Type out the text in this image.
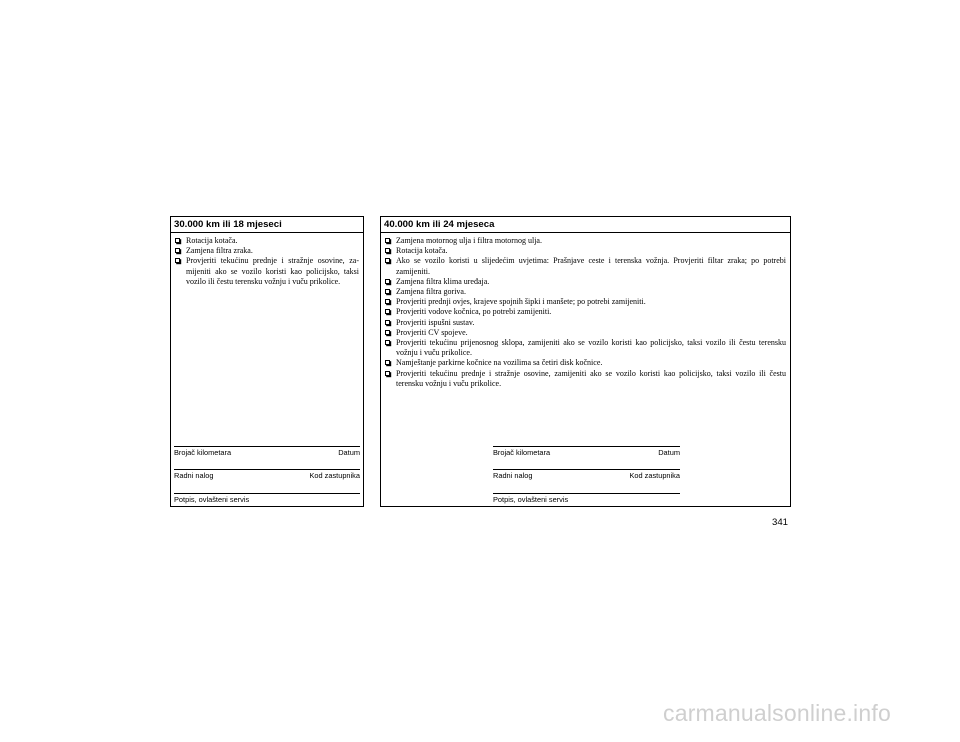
30.000 km ili 18 mjeseci
Rotacija kotača.
Zamjena filtra zraka.
Provjeriti tekućinu prednje i stražnje osovine, za-mijeniti ako se vozilo koristi kao policijsko, taksi vozilo ili čestu terensku vožnju i vuču prikolice.
Brojač kilometara	Datum
Radni nalog	Kod zastupnika
Potpis, ovlašteni servis
40.000 km ili 24 mjeseca
Zamjena motornog ulja i filtra motornog ulja.
Rotacija kotača.
Ako se vozilo koristi u slijedećim uvjetima: Prašnjave ceste i terenska vožnja. Provjeriti filtar zraka; po potrebi zamijeniti.
Zamjena filtra klima uređaja.
Zamjena filtra goriva.
Provjeriti prednji ovjes, krajeve spojnih šipki i manšete; po potrebi zamijeniti.
Provjeriti vodove kočnica, po potrebi zamijeniti.
Provjeriti ispušni sustav.
Provjeriti CV spojeve.
Provjeriti tekućinu prijenosnog sklopa, zamijeniti ako se vozilo koristi kao policijsko, taksi vozilo ili čestu terensku vožnju i vuču prikolice.
Namještanje parkirne kočnice na vozilima sa četiri disk kočnice.
Provjeriti tekućinu prednje i stražnje osovine, zamijeniti ako se vozilo koristi kao policijsko, taksi vozilo ili čestu terensku vožnju i vuču prikolice.
Brojač kilometara	Datum
Radni nalog	Kod zastupnika
Potpis, ovlašteni servis
341
carmanualsonline.info
